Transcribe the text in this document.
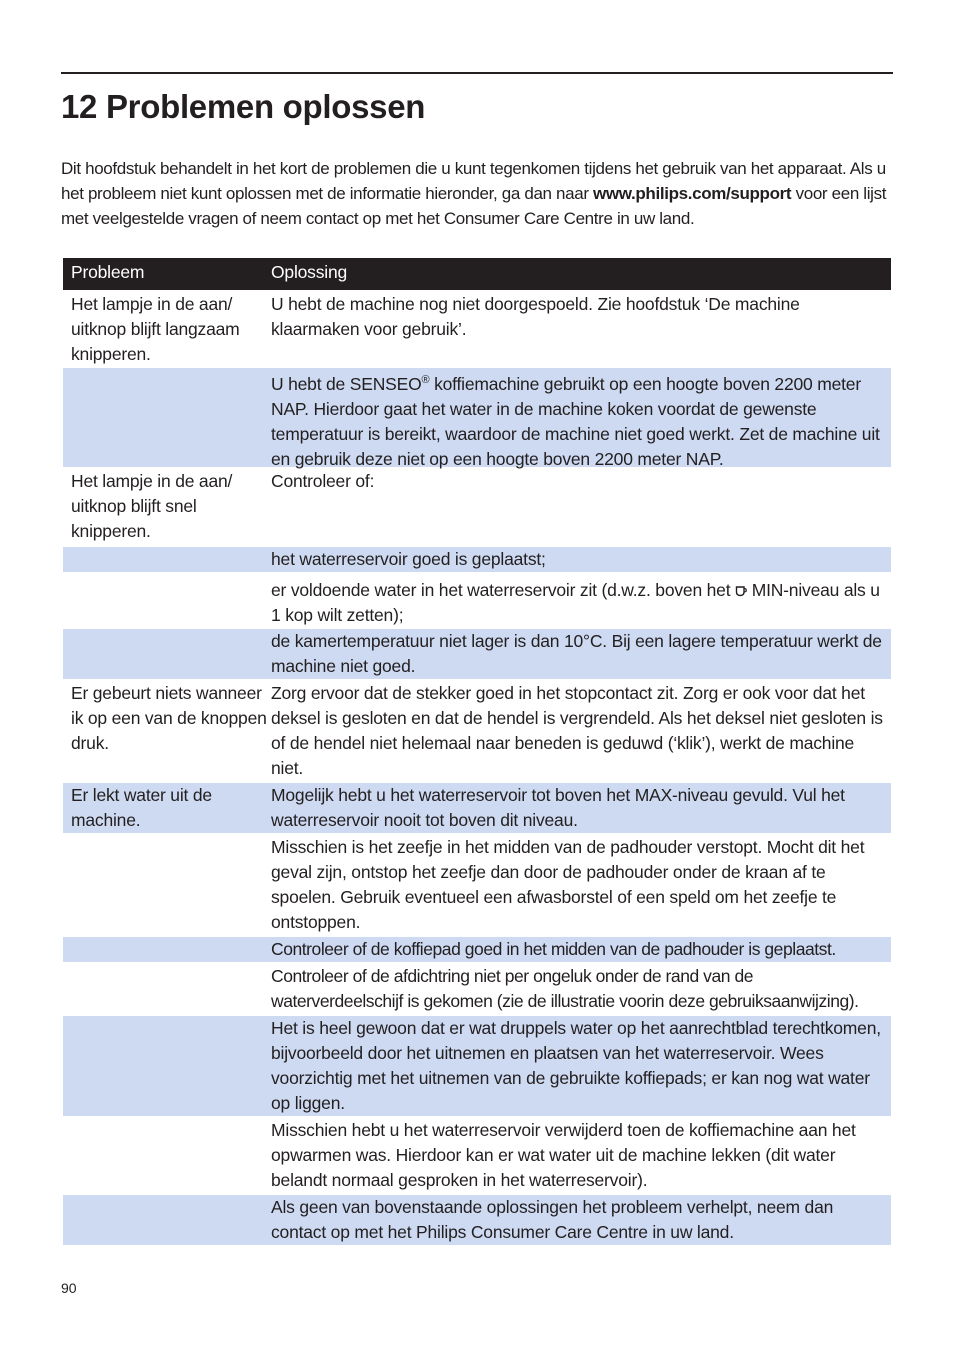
12 Problemen oplossen
Dit hoofdstuk behandelt in het kort de problemen die u kunt tegenkomen tijdens het gebruik van het apparaat. Als u het probleem niet kunt oplossen met de informatie hieronder, ga dan naar www.philips.com/support voor een lijst met veelgestelde vragen of neem contact op met het Consumer Care Centre in uw land.
Probleem	Oplossing
Het lampje in de aan/ uitknop blijft langzaam knipperen.
U hebt de machine nog niet doorgespoeld. Zie hoofdstuk ‘De machine klaarmaken voor gebruik’.
U hebt de SENSEO® koffiemachine gebruikt op een hoogte boven 2200 meter NAP. Hierdoor gaat het water in de machine koken voordat de gewenste temperatuur is bereikt, waardoor de machine niet goed werkt. Zet de machine uit en gebruik deze niet op een hoogte boven 2200 meter NAP.
Het lampje in de aan/ uitknop blijft snel knipperen.
Controleer of:
het waterreservoir goed is geplaatst;
er voldoende water in het waterreservoir zit (d.w.z. boven het  MIN-niveau als u 1 kop wilt zetten);
de kamertemperatuur niet lager is dan 10°C. Bij een lagere temperatuur werkt de machine niet goed.
Er gebeurt niets wanneer ik op een van de knoppen druk.
Zorg ervoor dat de stekker goed in het stopcontact zit. Zorg er ook voor dat het deksel is gesloten en dat de hendel is vergrendeld. Als het deksel niet gesloten is of de hendel niet helemaal naar beneden is geduwd (‘klik’), werkt de machine niet.
Er lekt water uit de machine.
Mogelijk hebt u het waterreservoir tot boven het MAX-niveau gevuld. Vul het waterreservoir nooit tot boven dit niveau.
Misschien is het zeefje in het midden van de padhouder verstopt. Mocht dit het geval zijn, ontstop het zeefje dan door de padhouder onder de kraan af te spoelen. Gebruik eventueel een afwasborstel of een speld om het zeefje te ontstoppen.
Controleer of de koffiepad goed in het midden van de padhouder is geplaatst.
Controleer of de afdichtring niet per ongeluk onder de rand van de waterverdeelschijf is gekomen (zie de illustratie voorin deze gebruiksaanwijzing).
Het is heel gewoon dat er wat druppels water op het aanrechtblad terechtkomen, bijvoorbeeld door het uitnemen en plaatsen van het waterreservoir. Wees voorzichtig met het uitnemen van de gebruikte koffiepads; er kan nog wat water op liggen.
Misschien hebt u het waterreservoir verwijderd toen de koffiemachine aan het opwarmen was. Hierdoor kan er wat water uit de machine lekken (dit water belandt normaal gesproken in het waterreservoir).
Als geen van bovenstaande oplossingen het probleem verhelpt, neem dan contact op met het Philips Consumer Care Centre in uw land.
90
